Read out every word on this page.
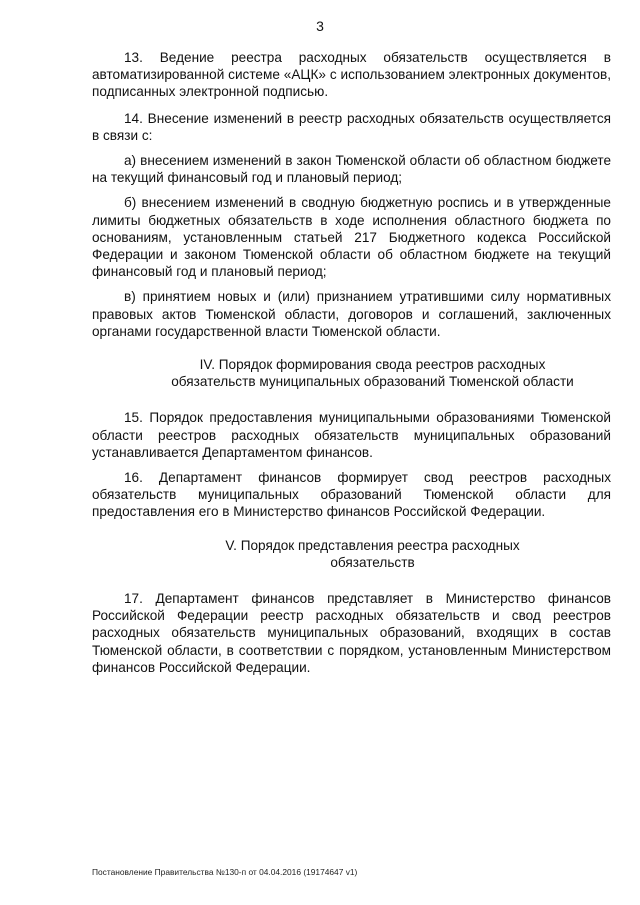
3

13. Ведение реестра расходных обязательств осуществляется в автоматизированной системе «АЦК» с использованием электронных документов, подписанных электронной подписью.

14. Внесение изменений в реестр расходных обязательств осуществляется в связи с:

а) внесением изменений в закон Тюменской области об областном бюджете на текущий финансовый год и плановый период;

б) внесением изменений в сводную бюджетную роспись и в утвержденные лимиты бюджетных обязательств в ходе исполнения областного бюджета по основаниям, установленным статьей 217 Бюджетного кодекса Российской Федерации и законом Тюменской области об областном бюджете на текущий финансовый год и плановый период;

в) принятием новых и (или) признанием утратившими силу нормативных правовых актов Тюменской области, договоров и соглашений, заключенных органами государственной власти Тюменской области.

IV. Порядок формирования свода реестров расходных
обязательств муниципальных образований Тюменской области

15. Порядок предоставления муниципальными образованиями Тюменской области реестров расходных обязательств муниципальных образований устанавливается Департаментом финансов.

16. Департамент финансов формирует свод реестров расходных обязательств муниципальных образований Тюменской области для предоставления его в Министерство финансов Российской Федерации.

V. Порядок представления реестра расходных
обязательств

17. Департамент финансов представляет в Министерство финансов Российской Федерации реестр расходных обязательств и свод реестров расходных обязательств муниципальных образований, входящих в состав Тюменской области, в соответствии с порядком, установленным Министерством финансов Российской Федерации.

Постановление Правительства №130-п от 04.04.2016 (19174647 v1)
